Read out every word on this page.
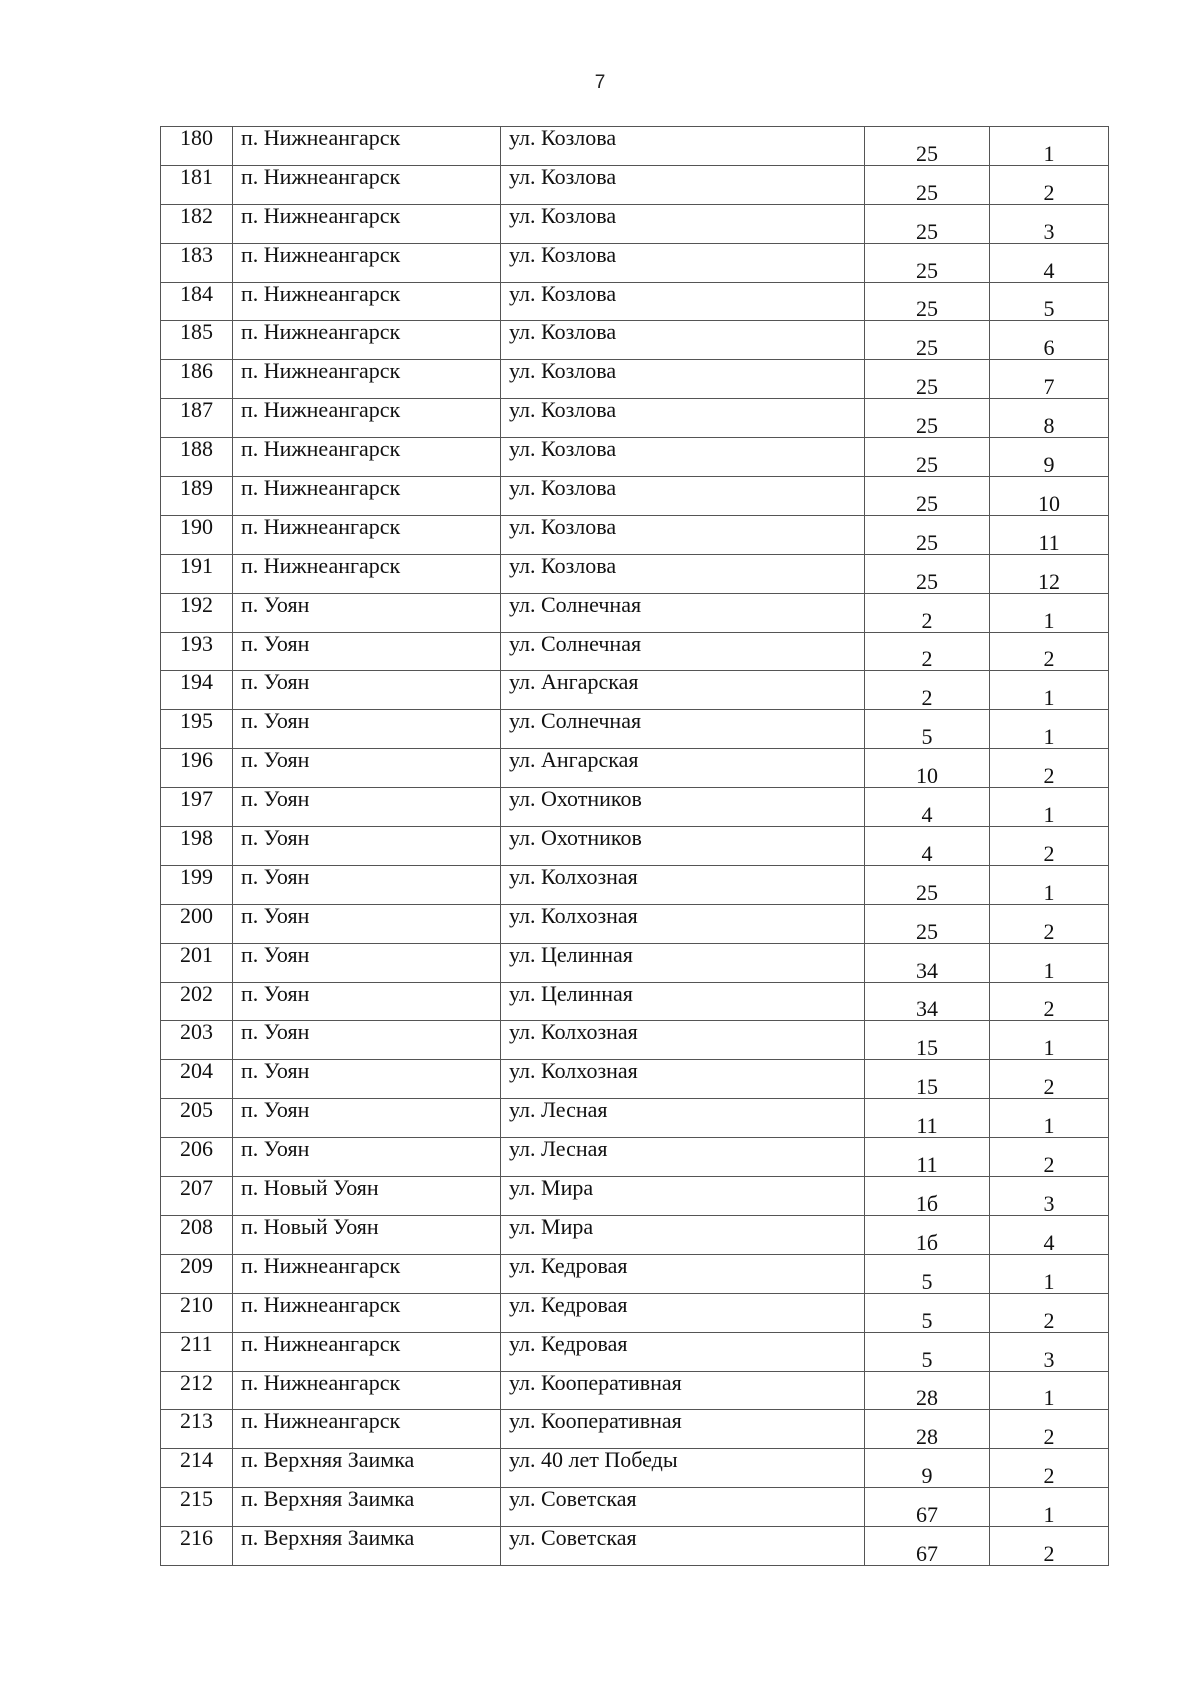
7
180	п. Нижнеангарск	ул. Козлова	25	1
181	п. Нижнеангарск	ул. Козлова	25	2
182	п. Нижнеангарск	ул. Козлова	25	3
183	п. Нижнеангарск	ул. Козлова	25	4
184	п. Нижнеангарск	ул. Козлова	25	5
185	п. Нижнеангарск	ул. Козлова	25	6
186	п. Нижнеангарск	ул. Козлова	25	7
187	п. Нижнеангарск	ул. Козлова	25	8
188	п. Нижнеангарск	ул. Козлова	25	9
189	п. Нижнеангарск	ул. Козлова	25	10
190	п. Нижнеангарск	ул. Козлова	25	11
191	п. Нижнеангарск	ул. Козлова	25	12
192	п. Уоян	ул. Солнечная	2	1
193	п. Уоян	ул. Солнечная	2	2
194	п. Уоян	ул. Ангарская	2	1
195	п. Уоян	ул. Солнечная	5	1
196	п. Уоян	ул. Ангарская	10	2
197	п. Уоян	ул. Охотников	4	1
198	п. Уоян	ул. Охотников	4	2
199	п. Уоян	ул. Колхозная	25	1
200	п. Уоян	ул. Колхозная	25	2
201	п. Уоян	ул. Целинная	34	1
202	п. Уоян	ул. Целинная	34	2
203	п. Уоян	ул. Колхозная	15	1
204	п. Уоян	ул. Колхозная	15	2
205	п. Уоян	ул. Лесная	11	1
206	п. Уоян	ул. Лесная	11	2
207	п. Новый Уоян	ул. Мира	1б	3
208	п. Новый Уоян	ул. Мира	1б	4
209	п. Нижнеангарск	ул. Кедровая	5	1
210	п. Нижнеангарск	ул. Кедровая	5	2
211	п. Нижнеангарск	ул. Кедровая	5	3
212	п. Нижнеангарск	ул. Кооперативная	28	1
213	п. Нижнеангарск	ул. Кооперативная	28	2
214	п. Верхняя Заимка	ул. 40 лет Победы	9	2
215	п. Верхняя Заимка	ул. Советская	67	1
216	п. Верхняя Заимка	ул. Советская	67	2
